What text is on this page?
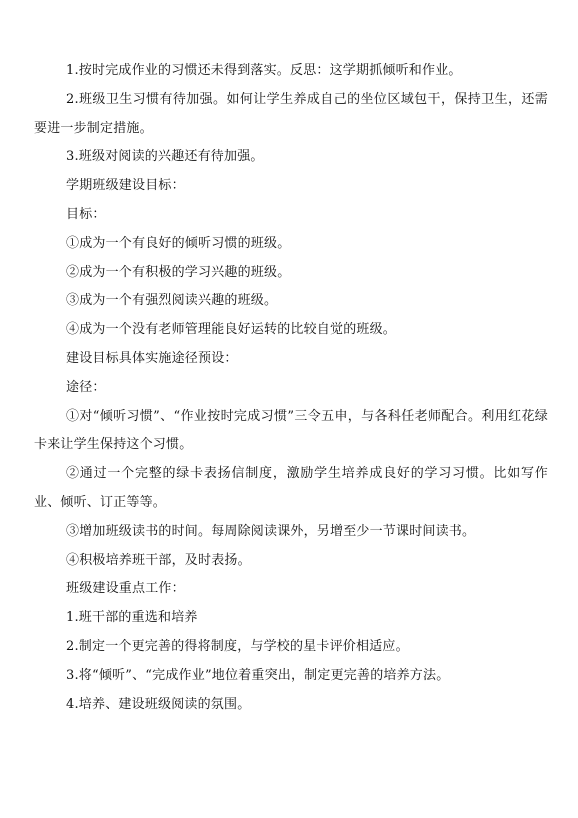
1.按时完成作业的习惯还未得到落实。反思：这学期抓倾听和作业。

2.班级卫生习惯有待加强。如何让学生养成自己的坐位区域包干，保持卫生，还需要进一步制定措施。

3.班级对阅读的兴趣还有待加强。

学期班级建设目标：

目标：

①成为一个有良好的倾听习惯的班级。

②成为一个有积极的学习兴趣的班级。

③成为一个有强烈阅读兴趣的班级。

④成为一个没有老师管理能良好运转的比较自觉的班级。

建设目标具体实施途径预设：

途径：

①对“倾听习惯”、“作业按时完成习惯”三令五申，与各科任老师配合。利用红花绿卡来让学生保持这个习惯。

②通过一个完整的绿卡表扬信制度，激励学生培养成良好的学习习惯。比如写作业、倾听、订正等等。

③增加班级读书的时间。每周除阅读课外，另增至少一节课时间读书。

④积极培养班干部，及时表扬。

班级建设重点工作：

1.班干部的重选和培养

2.制定一个更完善的得将制度，与学校的星卡评价相适应。

3.将“倾听”、“完成作业”地位着重突出，制定更完善的培养方法。

4.培养、建设班级阅读的氛围。
